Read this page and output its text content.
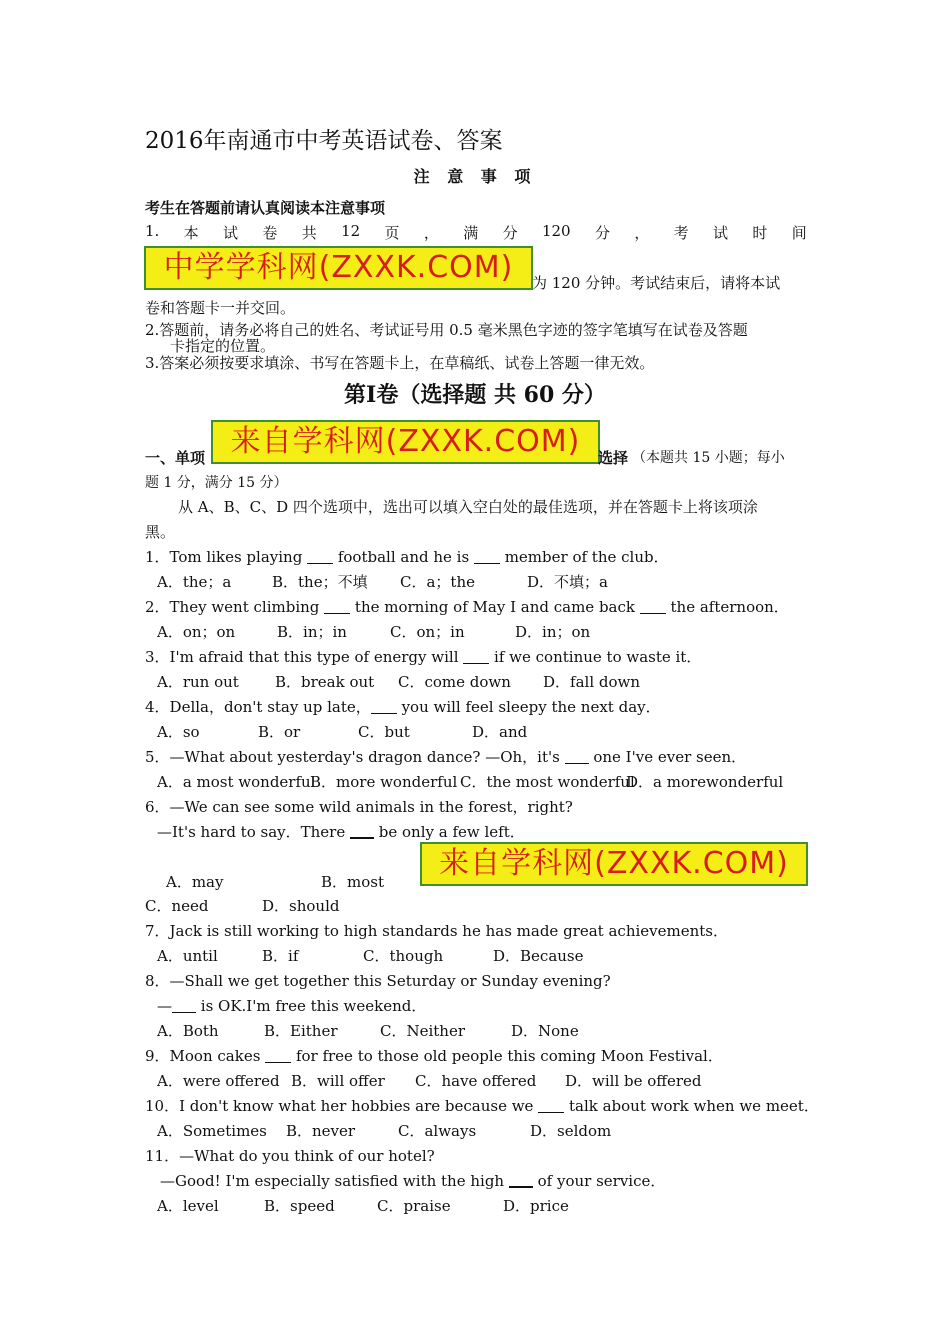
2016年南通市中考英语试卷、答案
注 意 事 项
考生在答题前请认真阅读本注意事项
1. 本 试 卷 共 12 页 ， 满 分 120 分 ， 考 试 时 间
中学学科网(ZXXK.COM)	为 120 分钟。考试结束后，请将本试
卷和答题卡一并交回。
2.答题前，请务必将自己的姓名、考试证号用 0.5 毫米黑色字迹的签字笔填写在试卷及答题
卡指定的位置。
3.答案必须按要求填涂、书写在答题卡上，在草稿纸、试卷上答题一律无效。
第Ⅰ卷（选择题 共 60 分）
一、单项 来自学科网(ZXXK.COM)	选择 （本题共 15 小题；每小
题 1 分，满分 15 分）
从 A、B、C、D 四个选项中，选出可以填入空白处的最佳选项，并在答题卡上将该项涂
黑。
1．Tom likes playing  football and he is  member of the club．
A．the；a	B．the；不填 C．a；the	D．不填；a
2．They went climbing  the morning of May I and came back  the afternoon．
A．on；on	B．in；in	C．on；in	D．in；on
3．I'm afraid that this type of energy will  if we continue to waste it．
A．run out B．break out C．come down D．fall down
4．Della，don't stay up late， you will feel sleepy the next day．
A．so	B．or	C．but	D．and
5．—What about yesterday's dragon dance? —Oh，it's  one I've ever seen．
A．a most wonderful
B．more wonderful C．the most wonderful
D．a morewonderful
6．—We can see some wild animals in the forest，right?
—It's hard to say．There  be only a few left．
来自学科网(ZXXK.COM)
A．may	B．most
C．need	D．should
7．Jack is still working to high standards he has made great achievements．
A．until	B．if	C．though	D．Because
8．—Shall we get together this Seturday or Sunday evening?
— is OK.I'm free this weekend．
A．Both	B．Either	C．Neither	D．None
9．Moon cakes  for free to those old people this coming Moon Festival．
A．were offered B．will offer C．have offered D．will be offered
10．I don't know what her hobbies are because we  talk about work when we meet．
A．Sometimes B．never	C．always	D．seldom
11．—What do you think of our hotel?
—Good! I'm especially satisfied with the high  of your service．
A．level	B．speed	C．praise	D．price
